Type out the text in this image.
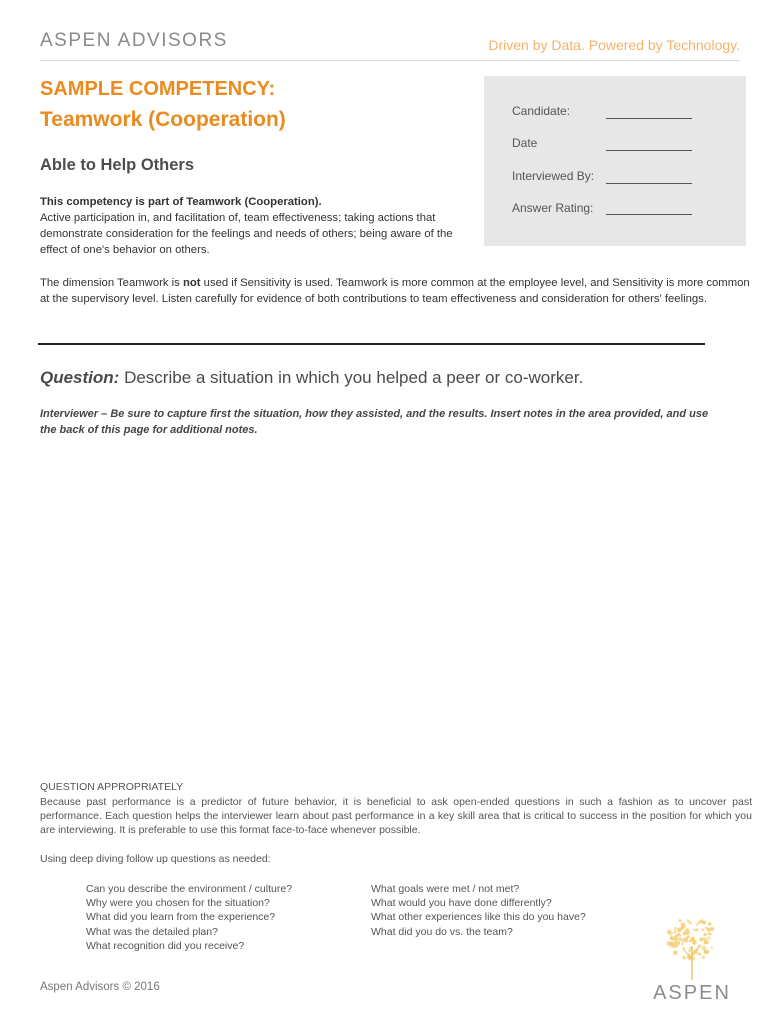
ASPEN ADVISORS	Driven by Data. Powered by Technology.
SAMPLE COMPETENCY:
Teamwork (Cooperation)
Able to Help Others
Candidate:
Date
Interviewed By:
Answer Rating:
This competency is part of Teamwork (Cooperation).
Active participation in, and facilitation of, team effectiveness; taking actions that demonstrate consideration for the feelings and needs of others; being aware of the effect of one's behavior on others.
The dimension Teamwork is not used if Sensitivity is used. Teamwork is more common at the employee level, and Sensitivity is more common at the supervisory level. Listen carefully for evidence of both contributions to team effectiveness and consideration for others' feelings.
Question: Describe a situation in which you helped a peer or co-worker.
Interviewer – Be sure to capture first the situation, how they assisted, and the results. Insert notes in the area provided, and use the back of this page for additional notes.
QUESTION APPROPRIATELY
Because past performance is a predictor of future behavior, it is beneficial to ask open-ended questions in such a fashion as to uncover past performance. Each question helps the interviewer learn about past performance in a key skill area that is critical to success in the position for which you are interviewing. It is preferable to use this format face-to-face whenever possible.
Using deep diving follow up questions as needed:
Can you describe the environment / culture?
Why were you chosen for the situation?
What did you learn from the experience?
What was the detailed plan?
What recognition did you receive?
What goals were met / not met?
What would you have done differently?
What other experiences like this do you have?
What did you do vs. the team?
Aspen Advisors © 2016	ASPEN
